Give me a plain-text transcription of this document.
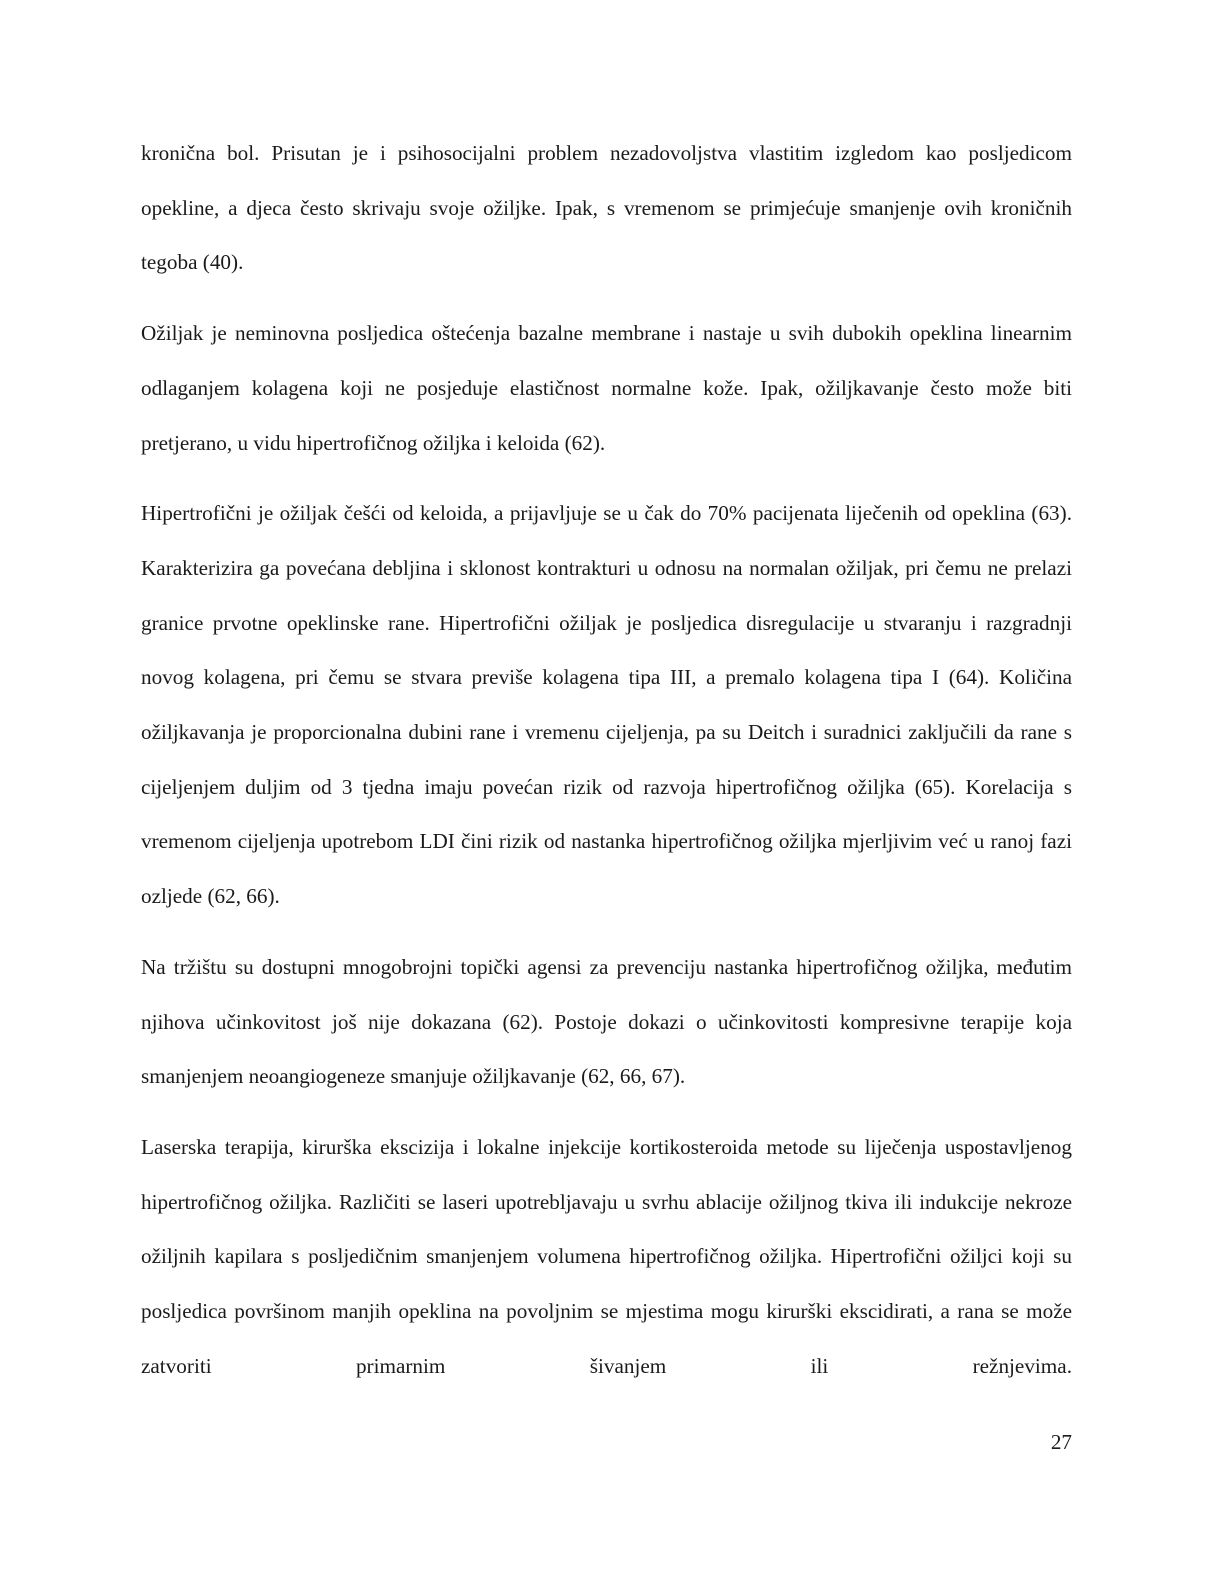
kronična bol. Prisutan je i psihosocijalni problem nezadovoljstva vlastitim izgledom kao posljedicom opekline, a djeca često skrivaju svoje ožiljke. Ipak, s vremenom se primjećuje smanjenje ovih kroničnih tegoba (40).

Ožiljak je neminovna posljedica oštećenja bazalne membrane i nastaje u svih dubokih opeklina linearnim odlaganjem kolagena koji ne posjeduje elastičnost normalne kože. Ipak, ožiljkavanje često može biti pretjerano, u vidu hipertrofičnog ožiljka i keloida (62).

Hipertrofični je ožiljak češći od keloida, a prijavljuje se u čak do 70% pacijenata liječenih od opeklina (63). Karakterizira ga povećana debljina i sklonost kontrakturi u odnosu na normalan ožiljak, pri čemu ne prelazi granice prvotne opeklinske rane. Hipertrofični ožiljak je posljedica disregulacije u stvaranju i razgradnji novog kolagena, pri čemu se stvara previše kolagena tipa III, a premalo kolagena tipa I (64). Količina ožiljkavanja je proporcionalna dubini rane i vremenu cijeljenja, pa su Deitch i suradnici zaključili da rane s cijeljenjem duljim od 3 tjedna imaju povećan rizik od razvoja hipertrofičnog ožiljka (65). Korelacija s vremenom cijeljenja upotrebom LDI čini rizik od nastanka hipertrofičnog ožiljka mjerljivim već u ranoj fazi ozljede (62, 66).

Na tržištu su dostupni mnogobrojni topički agensi za prevenciju nastanka hipertrofičnog ožiljka, međutim njihova učinkovitost još nije dokazana (62). Postoje dokazi o učinkovitosti kompresivne terapije koja smanjenjem neoangiogeneze smanjuje ožiljkavanje (62, 66, 67).

Laserska terapija, kirurška ekscizija i lokalne injekcije kortikosteroida metode su liječenja uspostavljenog hipertrofičnog ožiljka. Različiti se laseri upotrebljavaju u svrhu ablacije ožiljnog tkiva ili indukcije nekroze ožiljnih kapilara s posljedičnim smanjenjem volumena hipertrofičnog ožiljka. Hipertrofični ožiljci koji su posljedica površinom manjih opeklina na povoljnim se mjestima mogu kirurški ekscidirati, a rana se može zatvoriti primarnim šivanjem ili režnjevima.

27
